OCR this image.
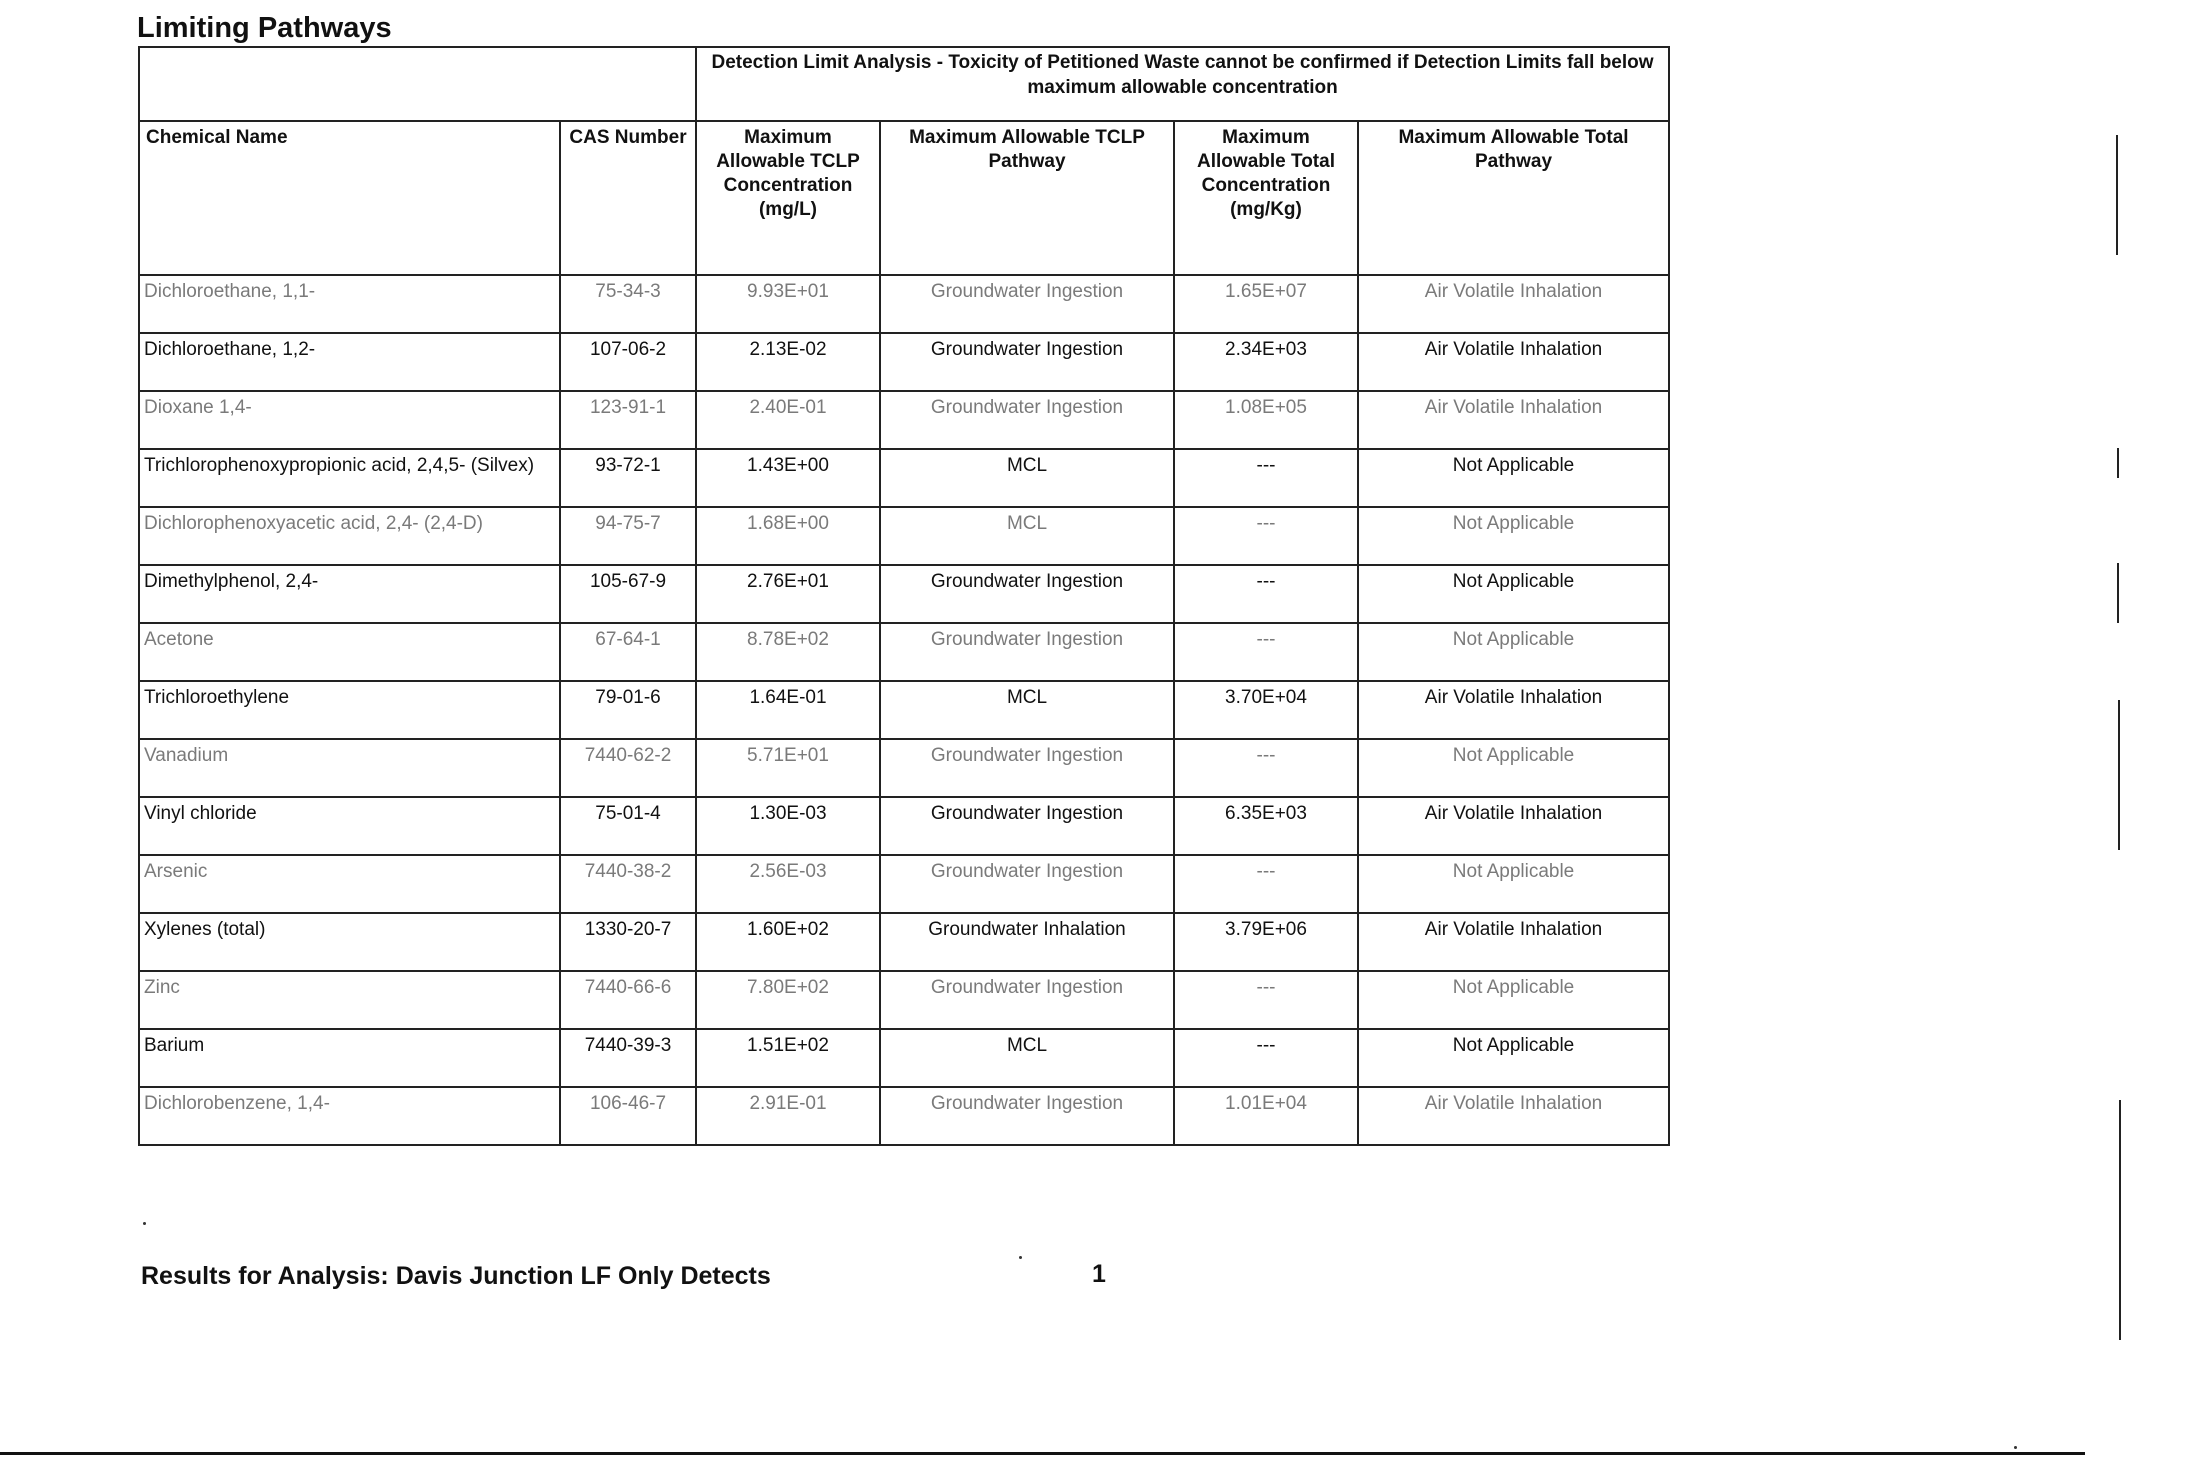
Limiting Pathways
		Detection Limit Analysis - Toxicity of Petitioned Waste cannot be confirmed if Detection Limits fall below maximum allowable concentration			
Chemical Name	CAS Number	Maximum Allowable TCLP Concentration (mg/L)	Maximum Allowable TCLP Pathway	Maximum Allowable Total Concentration (mg/Kg)	Maximum Allowable Total Pathway
Dichloroethane, 1,1-	75-34-3	9.93E+01	Groundwater Ingestion	1.65E+07	Air Volatile Inhalation
Dichloroethane, 1,2-	107-06-2	2.13E-02	Groundwater Ingestion	2.34E+03	Air Volatile Inhalation
Dioxane 1,4-	123-91-1	2.40E-01	Groundwater Ingestion	1.08E+05	Air Volatile Inhalation
Trichlorophenoxypropionic acid, 2,4,5- (Silvex)	93-72-1	1.43E+00	MCL	---	Not Applicable
Dichlorophenoxyacetic acid, 2,4- (2,4-D)	94-75-7	1.68E+00	MCL	---	Not Applicable
Dimethylphenol, 2,4-	105-67-9	2.76E+01	Groundwater Ingestion	---	Not Applicable
Acetone	67-64-1	8.78E+02	Groundwater Ingestion	---	Not Applicable
Trichloroethylene	79-01-6	1.64E-01	MCL	3.70E+04	Air Volatile Inhalation
Vanadium	7440-62-2	5.71E+01	Groundwater Ingestion	---	Not Applicable
Vinyl chloride	75-01-4	1.30E-03	Groundwater Ingestion	6.35E+03	Air Volatile Inhalation
Arsenic	7440-38-2	2.56E-03	Groundwater Ingestion	---	Not Applicable
Xylenes (total)	1330-20-7	1.60E+02	Groundwater Inhalation	3.79E+06	Air Volatile Inhalation
Zinc	7440-66-6	7.80E+02	Groundwater Ingestion	---	Not Applicable
Barium	7440-39-3	1.51E+02	MCL	---	Not Applicable
Dichlorobenzene, 1,4-	106-46-7	2.91E-01	Groundwater Ingestion	1.01E+04	Air Volatile Inhalation
Results for Analysis: Davis Junction LF Only Detects	1
